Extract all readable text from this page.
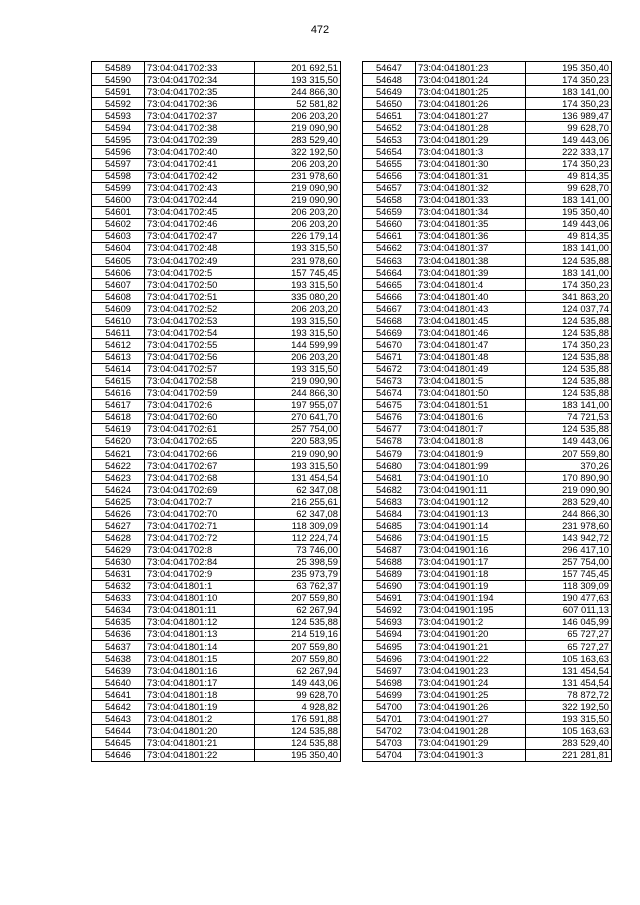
472
54589	73:04:041702:33	201 692,51
54590	73:04:041702:34	193 315,50
54591	73:04:041702:35	244 866,30
54592	73:04:041702:36	52 581,82
54593	73:04:041702:37	206 203,20
54594	73:04:041702:38	219 090,90
54595	73:04:041702:39	283 529,40
54596	73:04:041702:40	322 192,50
54597	73:04:041702:41	206 203,20
54598	73:04:041702:42	231 978,60
54599	73:04:041702:43	219 090,90
54600	73:04:041702:44	219 090,90
54601	73:04:041702:45	206 203,20
54602	73:04:041702:46	206 203,20
54603	73:04:041702:47	226 179,14
54604	73:04:041702:48	193 315,50
54605	73:04:041702:49	231 978,60
54606	73:04:041702:5	157 745,45
54607	73:04:041702:50	193 315,50
54608	73:04:041702:51	335 080,20
54609	73:04:041702:52	206 203,20
54610	73:04:041702:53	193 315,50
54611	73:04:041702:54	193 315,50
54612	73:04:041702:55	144 599,99
54613	73:04:041702:56	206 203,20
54614	73:04:041702:57	193 315,50
54615	73:04:041702:58	219 090,90
54616	73:04:041702:59	244 866,30
54617	73:04:041702:6	197 955,07
54618	73:04:041702:60	270 641,70
54619	73:04:041702:61	257 754,00
54620	73:04:041702:65	220 583,95
54621	73:04:041702:66	219 090,90
54622	73:04:041702:67	193 315,50
54623	73:04:041702:68	131 454,54
54624	73:04:041702:69	62 347,08
54625	73:04:041702:7	216 255,61
54626	73:04:041702:70	62 347,08
54627	73:04:041702:71	118 309,09
54628	73:04:041702:72	112 224,74
54629	73:04:041702:8	73 746,00
54630	73:04:041702:84	25 398,59
54631	73:04:041702:9	235 973,79
54632	73:04:041801:1	63 762,37
54633	73:04:041801:10	207 559,80
54634	73:04:041801:11	62 267,94
54635	73:04:041801:12	124 535,88
54636	73:04:041801:13	214 519,16
54637	73:04:041801:14	207 559,80
54638	73:04:041801:15	207 559,80
54639	73:04:041801:16	62 267,94
54640	73:04:041801:17	149 443,06
54641	73:04:041801:18	99 628,70
54642	73:04:041801:19	4 928,82
54643	73:04:041801:2	176 591,88
54644	73:04:041801:20	124 535,88
54645	73:04:041801:21	124 535,88
54646	73:04:041801:22	195 350,40
54647	73:04:041801:23	195 350,40
54648	73:04:041801:24	174 350,23
54649	73:04:041801:25	183 141,00
54650	73:04:041801:26	174 350,23
54651	73:04:041801:27	136 989,47
54652	73:04:041801:28	99 628,70
54653	73:04:041801:29	149 443,06
54654	73:04:041801:3	222 333,17
54655	73:04:041801:30	174 350,23
54656	73:04:041801:31	49 814,35
54657	73:04:041801:32	99 628,70
54658	73:04:041801:33	183 141,00
54659	73:04:041801:34	195 350,40
54660	73:04:041801:35	149 443,06
54661	73:04:041801:36	49 814,35
54662	73:04:041801:37	183 141,00
54663	73:04:041801:38	124 535,88
54664	73:04:041801:39	183 141,00
54665	73:04:041801:4	174 350,23
54666	73:04:041801:40	341 863,20
54667	73:04:041801:43	124 037,74
54668	73:04:041801:45	124 535,88
54669	73:04:041801:46	124 535,88
54670	73:04:041801:47	174 350,23
54671	73:04:041801:48	124 535,88
54672	73:04:041801:49	124 535,88
54673	73:04:041801:5	124 535,88
54674	73:04:041801:50	124 535,88
54675	73:04:041801:51	183 141,00
54676	73:04:041801:6	74 721,53
54677	73:04:041801:7	124 535,88
54678	73:04:041801:8	149 443,06
54679	73:04:041801:9	207 559,80
54680	73:04:041801:99	370,26
54681	73:04:041901:10	170 890,90
54682	73:04:041901:11	219 090,90
54683	73:04:041901:12	283 529,40
54684	73:04:041901:13	244 866,30
54685	73:04:041901:14	231 978,60
54686	73:04:041901:15	143 942,72
54687	73:04:041901:16	296 417,10
54688	73:04:041901:17	257 754,00
54689	73:04:041901:18	157 745,45
54690	73:04:041901:19	118 309,09
54691	73:04:041901:194	190 477,63
54692	73:04:041901:195	607 011,13
54693	73:04:041901:2	146 045,99
54694	73:04:041901:20	65 727,27
54695	73:04:041901:21	65 727,27
54696	73:04:041901:22	105 163,63
54697	73:04:041901:23	131 454,54
54698	73:04:041901:24	131 454,54
54699	73:04:041901:25	78 872,72
54700	73:04:041901:26	322 192,50
54701	73:04:041901:27	193 315,50
54702	73:04:041901:28	105 163,63
54703	73:04:041901:29	283 529,40
54704	73:04:041901:3	221 281,81
